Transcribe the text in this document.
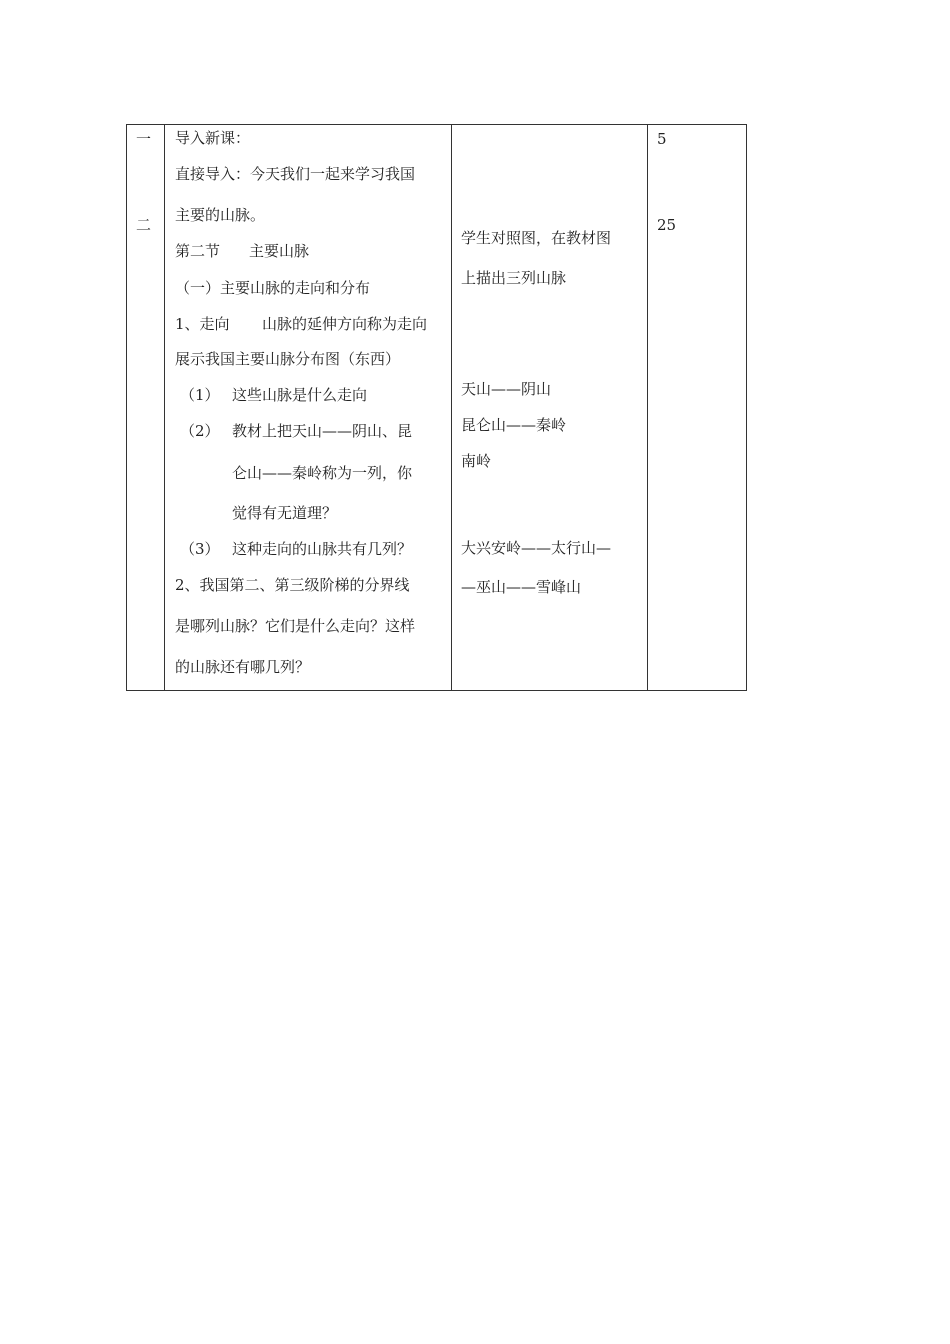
一
二
导入新课：
直接导入：今天我们一起来学习我国
主要的山脉。
第二节 主要山脉
（一）主要山脉的走向和分布
1、走向 山脉的延伸方向称为走向
展示我国主要山脉分布图（东西）
（1） 这些山脉是什么走向
（2） 教材上把天山——阴山、昆
仑山——秦岭称为一列，你
觉得有无道理？
（3） 这种走向的山脉共有几列？
2、我国第二、第三级阶梯的分界线
是哪列山脉？它们是什么走向？这样
的山脉还有哪几列？
学生对照图，在教材图
上描出三列山脉
天山——阴山
昆仑山——秦岭
南岭
大兴安岭——太行山—
—巫山——雪峰山
5
25
